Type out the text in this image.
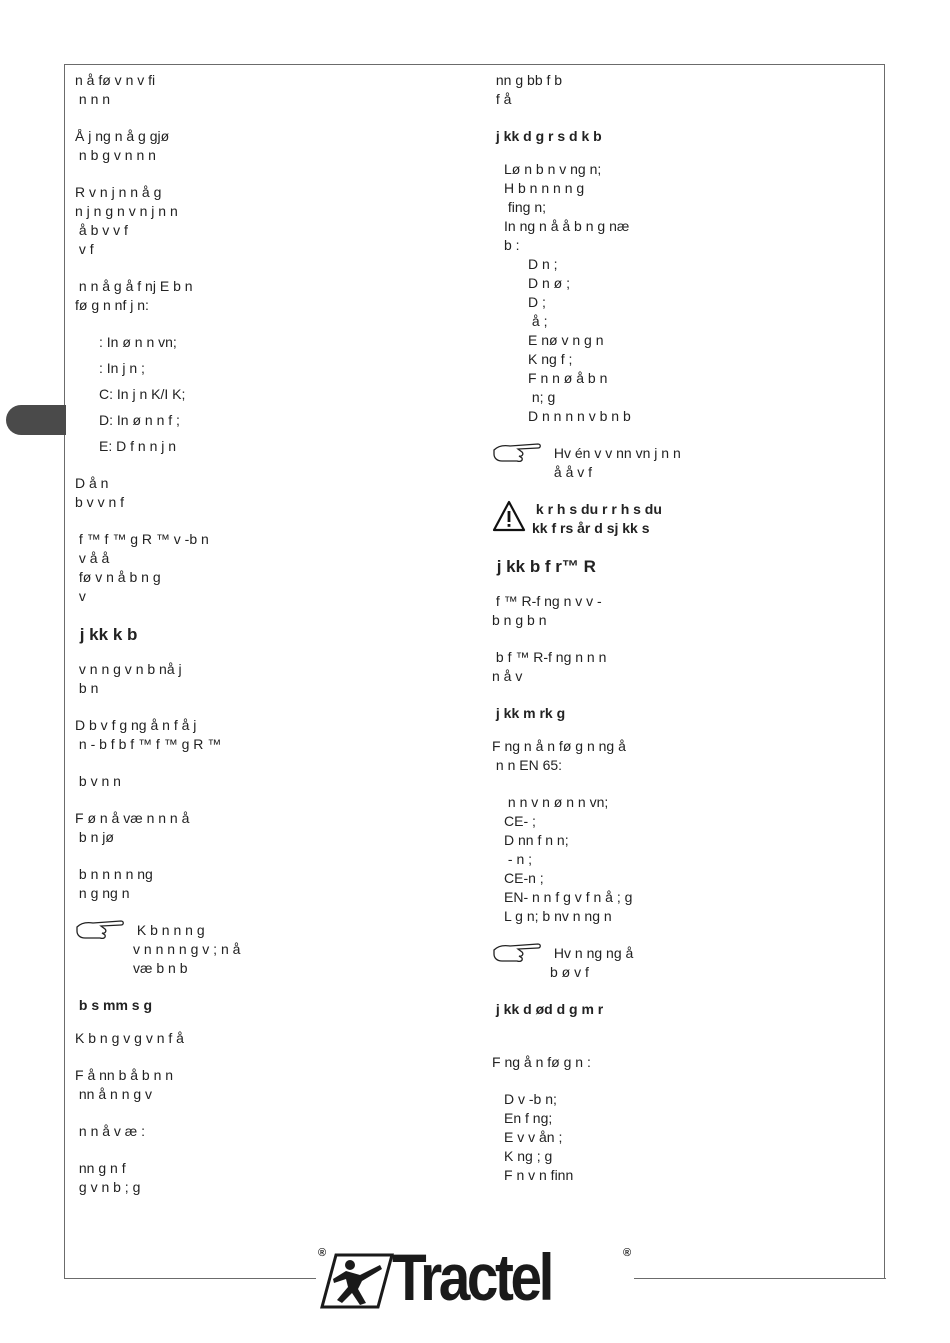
n å fø v n v fi
n n n

Å j ng n å g gjø
n b g v n n n

R v n j n n å g
n j n g n v n j n n
å b v v f
v f

n n å g å f nj E b n
fø g n nf j n:

: In ø n n vn;
: In j n ;
C: In j n K/I K;
D: In ø n n f ;
E: D f n n j n

D å n
b v v n f

f ™ f ™ g R ™ v -b n
v å å
fø v n å b n g
v

j kk k b

v n n g v n b nå j
b n

D b v f g ng å n f å j
n - b f b f ™ f ™ g R ™

b v n n

F ø n å væ n n n å
b n jø

b n n n n ng
n g ng n

K b n n n g
v n n n n g v ; n å
væ b n b
b s mm s g

K b n g v g v n f å

F å nn b å b n n
nn å n n g v

n n å v æ :

nn g n f
g v n b ; g

nn g bb f b
f å

j kk d g r s d k b
Lø n b n v ng n;
H b n n n n g
fing n;
In ng n å å b n g næ
b :
D n ;
D n ø ;
D ;
å ;
E nø v n g n
K ng f ;
F n n ø å b n
n; g
D n n n n v b n b
Hv én v v nn vn j n n
å å v f
k r h s du r r h s du
kk f rs år d sj kk s
j kk b f r™ R

f ™ R-f ng n v v -
b n g b n

b f ™ R-f ng n n n
n å v

j kk m rk g

F ng n å n fø g n ng å
n n EN 65:

n n v n ø n n vn;
CE- ;
D nn f n n;
- n ;
CE-n ;
EN- n n f g v f n å ; g
L g n; b nv n ng n
Hv n ng ng å
b ø v f
j kk d ød d g m r

F ng å n fø g n :

D v -b n;
En f ng;
E v v ån ;
K ng ; g
F n v n finn
® Tractel	®
